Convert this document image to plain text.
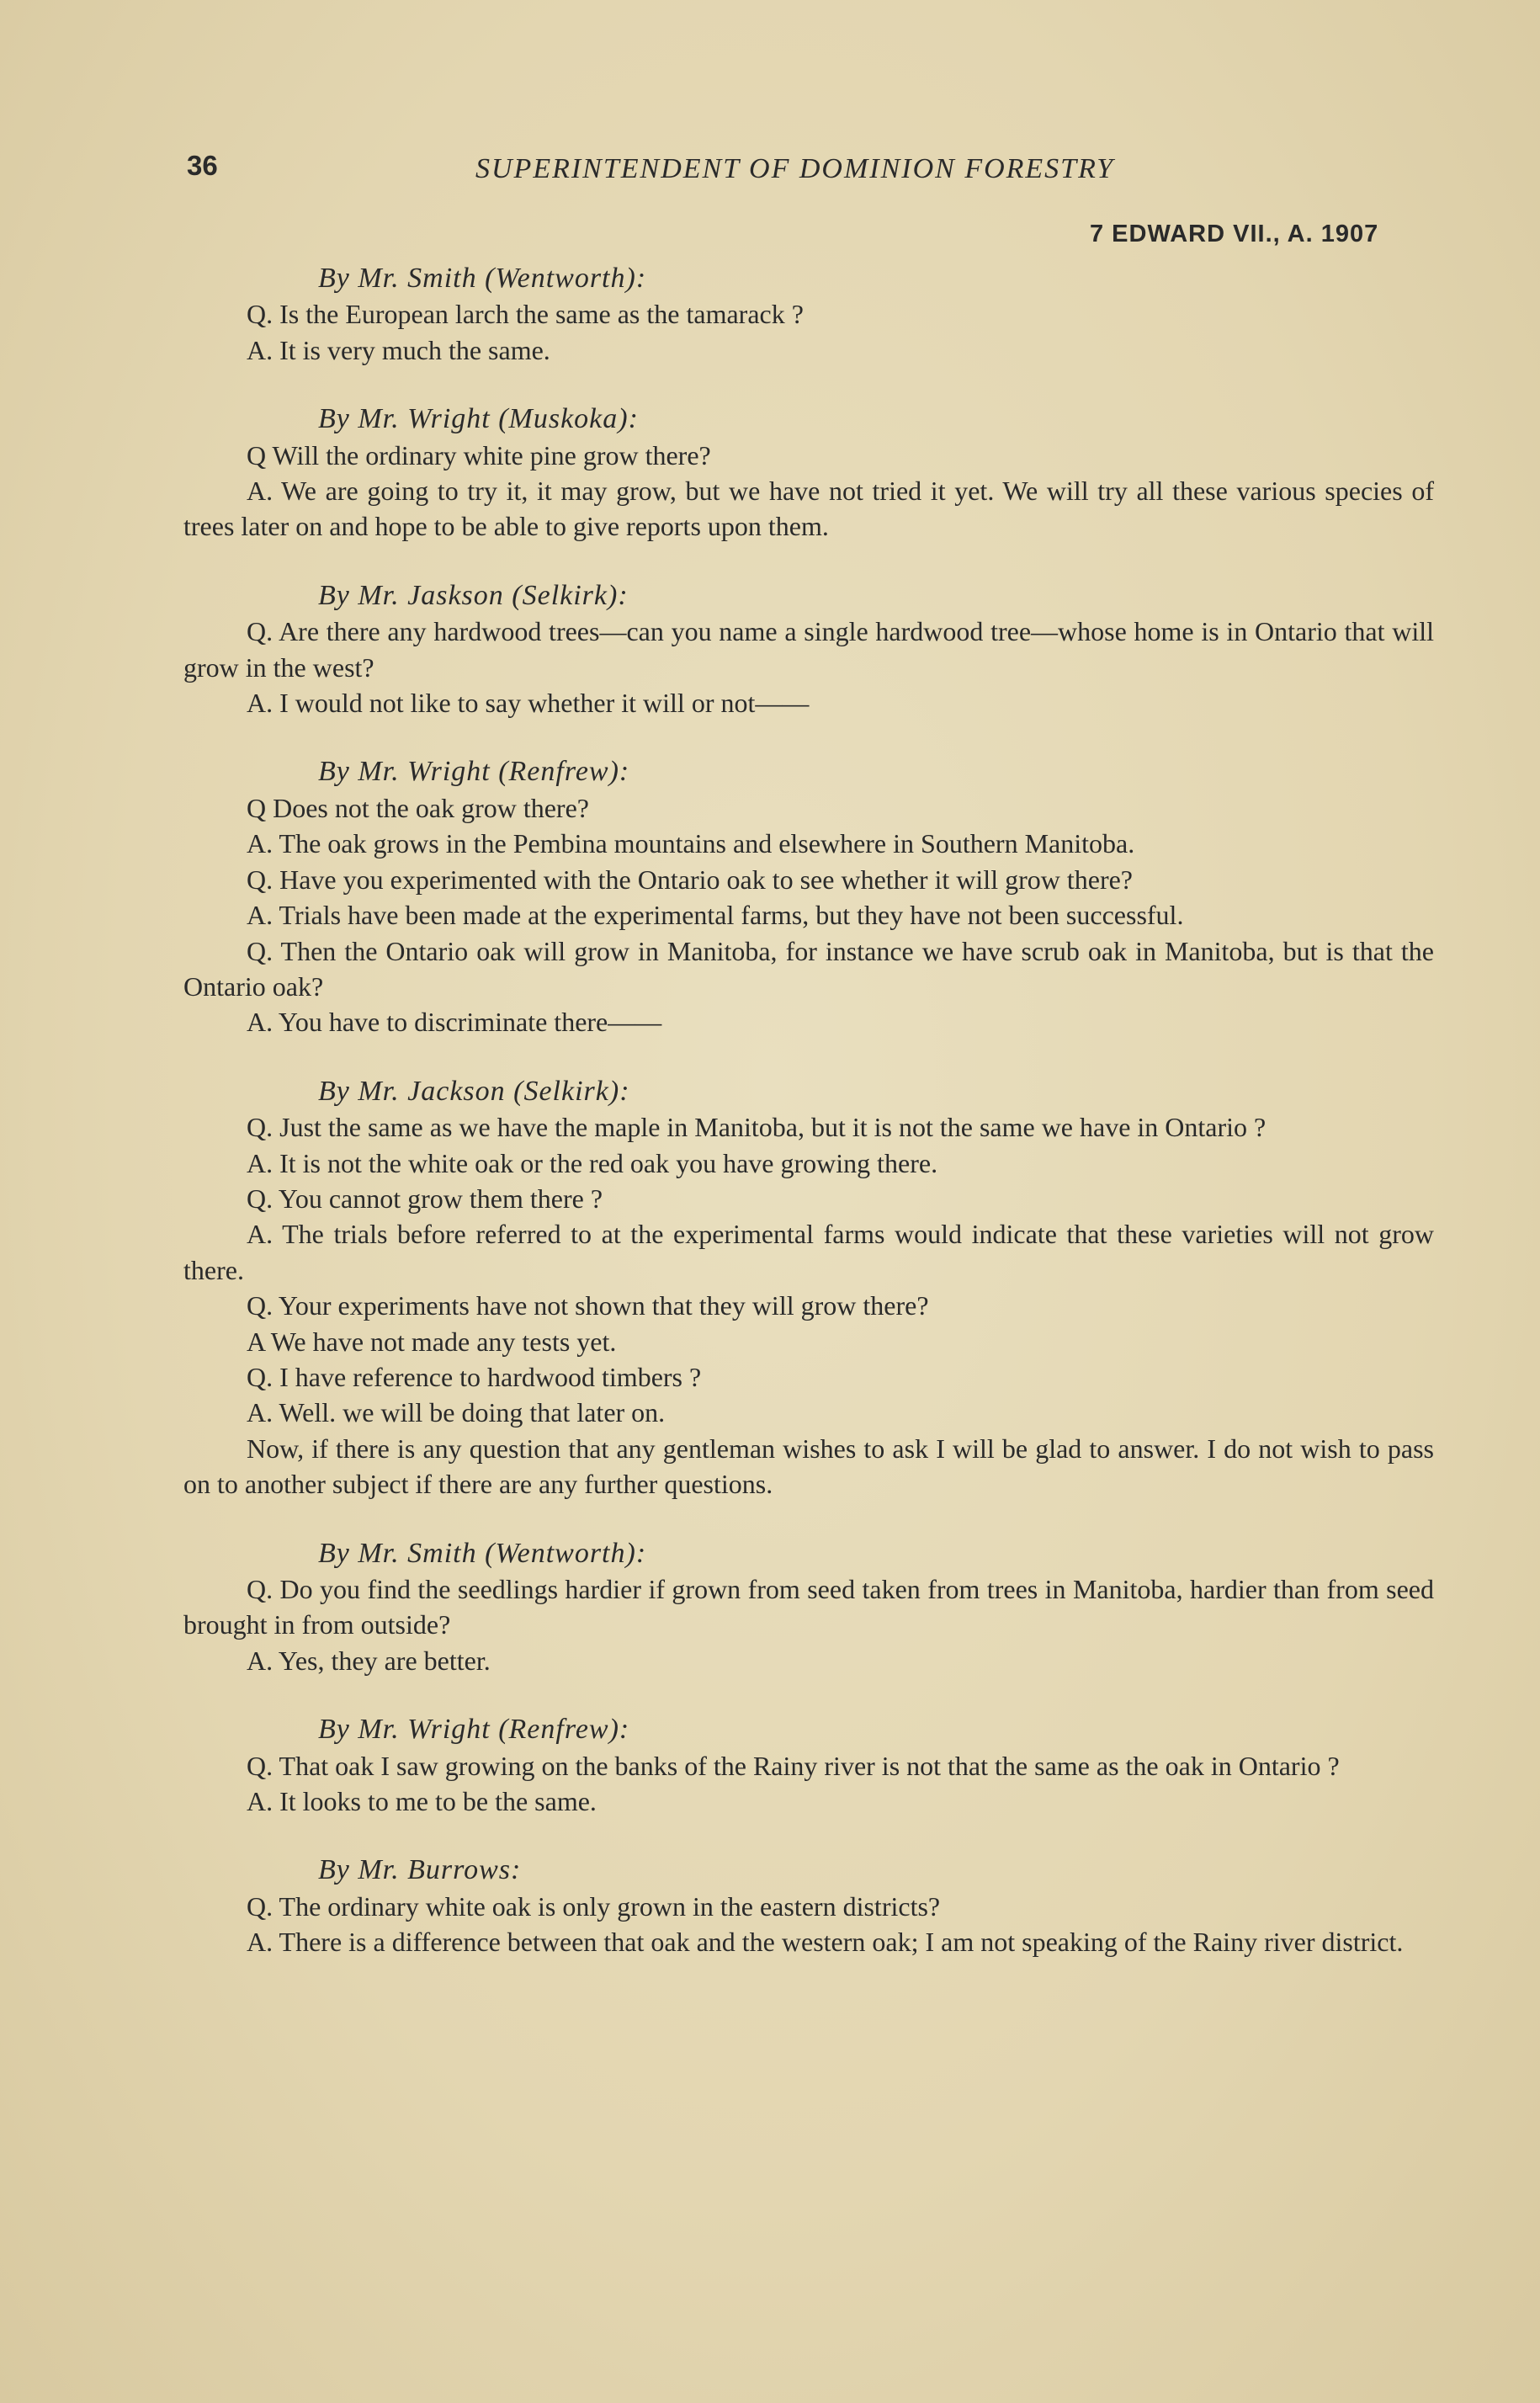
36	SUPERINTENDENT OF DOMINION FORESTRY
7 EDWARD VII., A. 1907

By Mr. Smith (Wentworth):

Q. Is the European larch the same as the tamarack ?

A. It is very much the same.

By Mr. Wright (Muskoka):

Q Will the ordinary white pine grow there?

A. We are going to try it, it may grow, but we have not tried it yet. We will try all these various species of trees later on and hope to be able to give reports upon them.

By Mr. Jaskson (Selkirk):

Q. Are there any hardwood trees—can you name a single hardwood tree—whose home is in Ontario that will grow in the west?

A. I would not like to say whether it will or not——

By Mr. Wright (Renfrew):

Q Does not the oak grow there?

A. The oak grows in the Pembina mountains and elsewhere in Southern Manitoba.

Q. Have you experimented with the Ontario oak to see whether it will grow there?

A. Trials have been made at the experimental farms, but they have not been successful.

Q. Then the Ontario oak will grow in Manitoba, for instance we have scrub oak in Manitoba, but is that the Ontario oak?

A. You have to discriminate there——

By Mr. Jackson (Selkirk):

Q. Just the same as we have the maple in Manitoba, but it is not the same we have in Ontario ?

A. It is not the white oak or the red oak you have growing there.

Q. You cannot grow them there ?

A. The trials before referred to at the experimental farms would indicate that these varieties will not grow there.

Q. Your experiments have not shown that they will grow there?

A We have not made any tests yet.

Q. I have reference to hardwood timbers ?

A. Well. we will be doing that later on.

Now, if there is any question that any gentleman wishes to ask I will be glad to answer. I do not wish to pass on to another subject if there are any further questions.

By Mr. Smith (Wentworth):

Q. Do you find the seedlings hardier if grown from seed taken from trees in Manitoba, hardier than from seed brought in from outside?

A. Yes, they are better.

By Mr. Wright (Renfrew):

Q. That oak I saw growing on the banks of the Rainy river is not that the same as the oak in Ontario ?

A. It looks to me to be the same.

By Mr. Burrows:

Q. The ordinary white oak is only grown in the eastern districts?

A. There is a difference between that oak and the western oak; I am not speaking of the Rainy river district.
